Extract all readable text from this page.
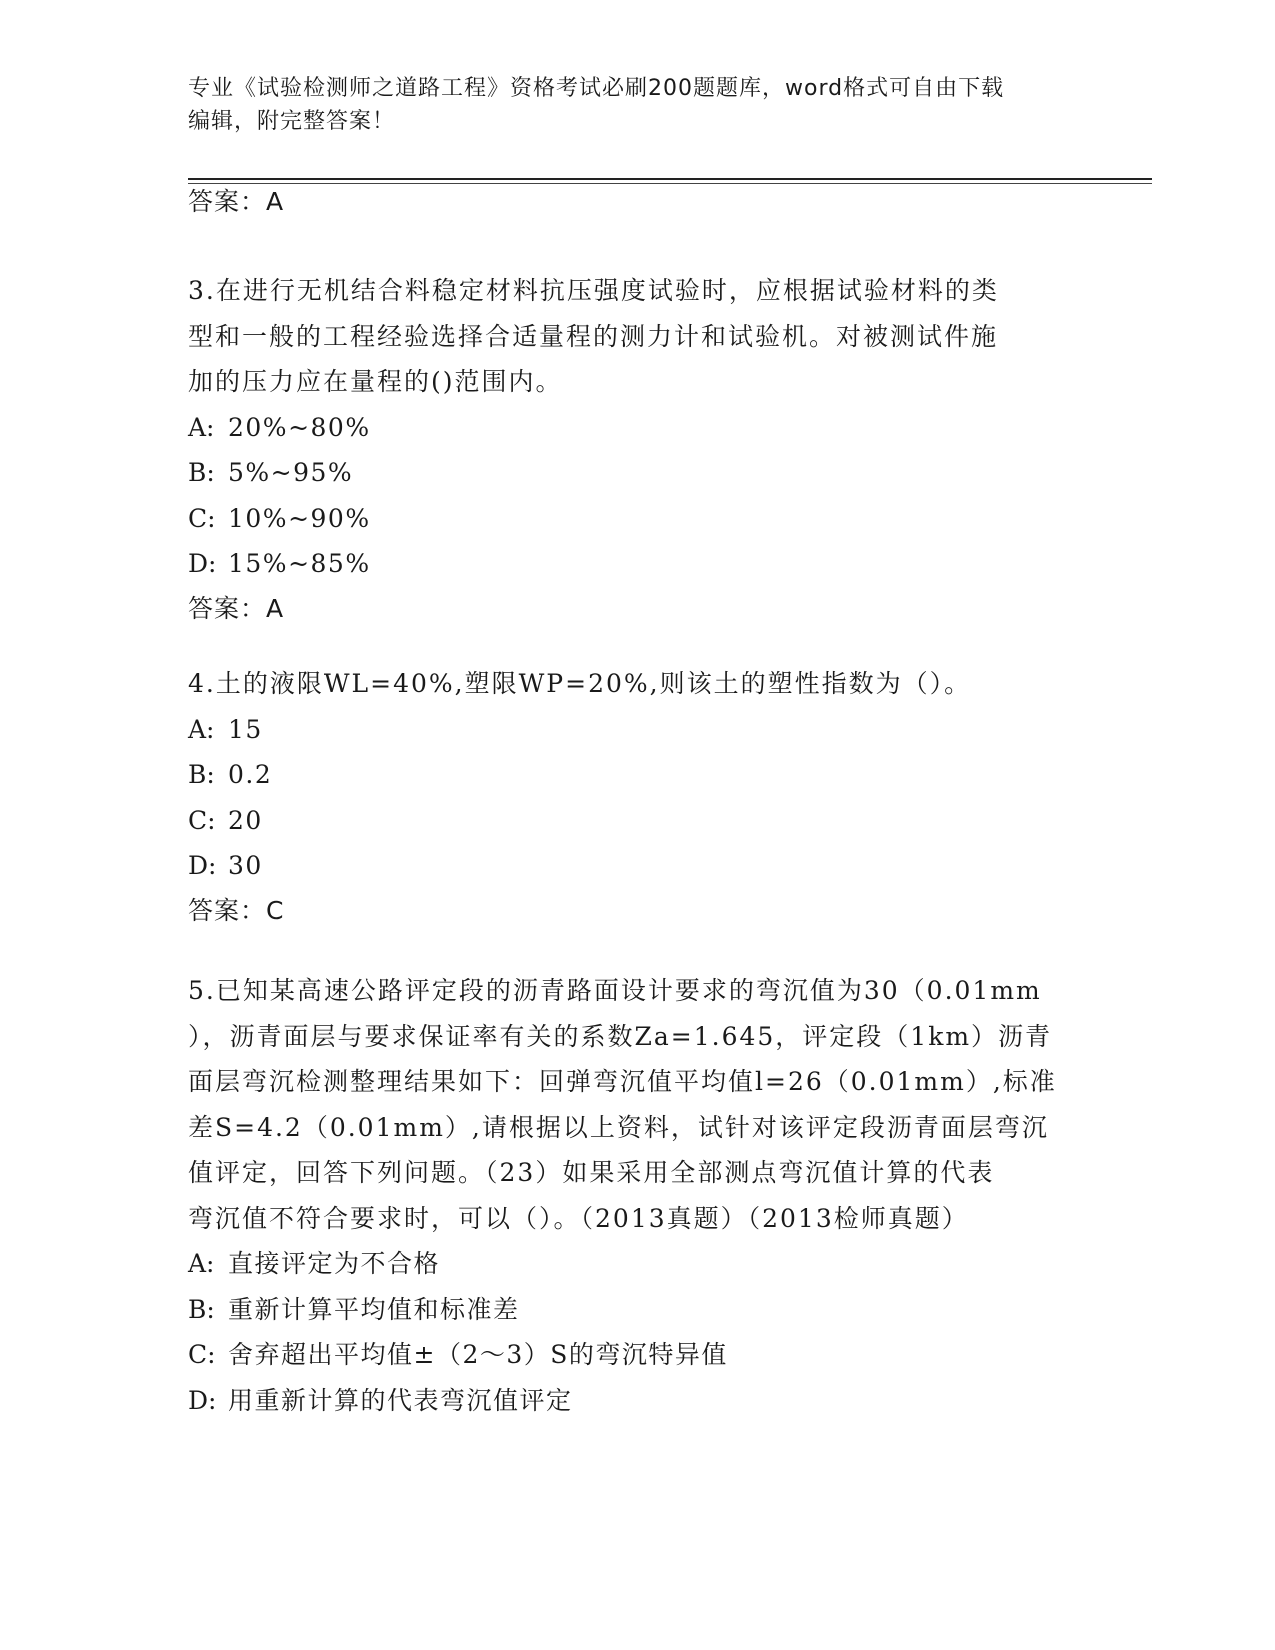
专业《试验检测师之道路工程》资格考试必刷200题题库，word格式可自由下载
编辑，附完整答案！
答案：A
3.在进行无机结合料稳定材料抗压强度试验时，应根据试验材料的类
型和一般的工程经验选择合适量程的测力计和试验机。对被测试件施
加的压力应在量程的()范围内。
A: 20%~80%
B: 5%~95%
C: 10%~90%
D: 15%~85%
答案：A
4.土的液限WL=40%,塑限WP=20%,则该土的塑性指数为（）。
A: 15
B: 0.2
C: 20
D: 30
答案：C
5.已知某高速公路评定段的沥青路面设计要求的弯沉值为30（0.01mm
），沥青面层与要求保证率有关的系数Za=1.645，评定段（1km）沥青
面层弯沉检测整理结果如下：回弹弯沉值平均值l=26（0.01mm）,标准
差S=4.2（0.01mm）,请根据以上资料，试针对该评定段沥青面层弯沉
值评定，回答下列问题。（23）如果采用全部测点弯沉值计算的代表
弯沉值不符合要求时，可以（）。（2013真题）（2013检师真题）
A: 直接评定为不合格
B: 重新计算平均值和标准差
C: 舍弃超出平均值±（2～3）S的弯沉特异值
D: 用重新计算的代表弯沉值评定
